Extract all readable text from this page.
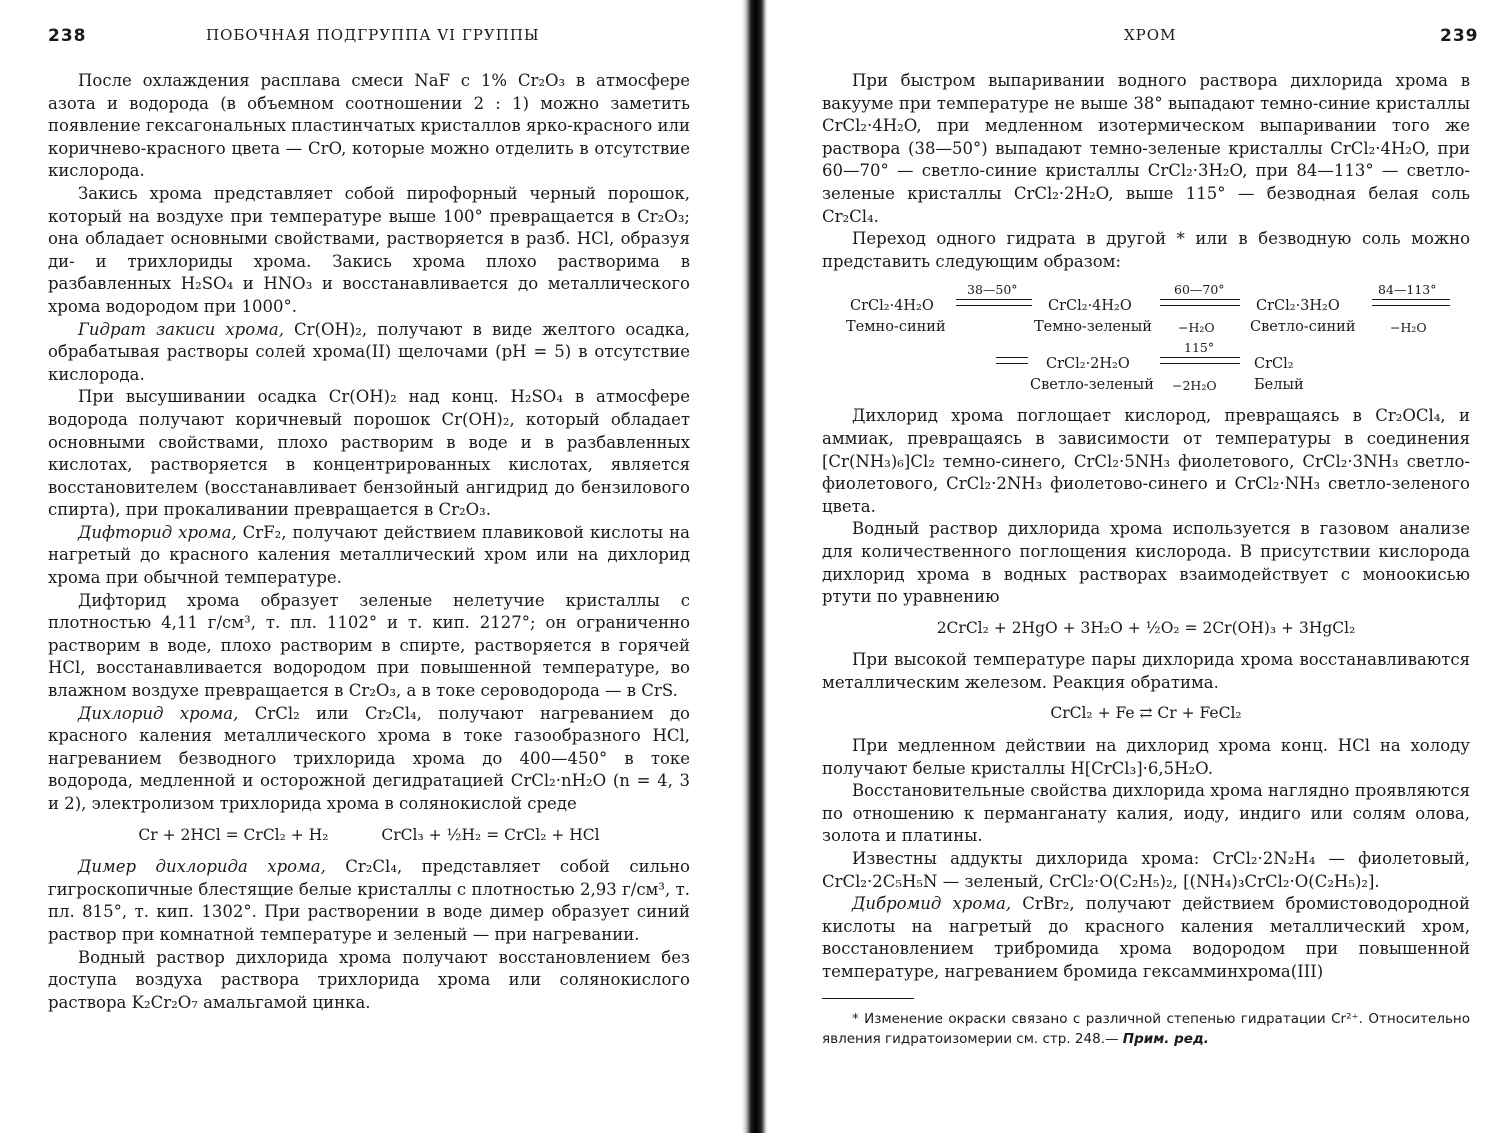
238	ПОБОЧНАЯ ПОДГРУППА VI ГРУППЫ

После охлаждения расплава смеси NaF с 1% Cr₂O₃ в атмосфере азота и водорода (в объемном соотношении 2 : 1) можно заметить появление гексагональных пластинчатых кристаллов ярко-красного или коричнево-красного цвета — CrO, которые можно отделить в отсутствие кислорода.

Закись хрома представляет собой пирофорный черный порошок, который на воздухе при температуре выше 100° превращается в Cr₂O₃; она обладает основными свойствами, растворяется в разб. HCl, образуя ди- и трихлориды хрома. Закись хрома плохо растворима в разбавленных H₂SO₄ и HNO₃ и восстанавливается до металлического хрома водородом при 1000°.

Гидрат закиси хрома, Cr(OH)₂, получают в виде желтого осадка, обрабатывая растворы солей хрома(II) щелочами (pH = 5) в отсутствие кислорода.

При высушивании осадка Cr(OH)₂ над конц. H₂SO₄ в атмосфере водорода получают коричневый порошок Cr(OH)₂, который обладает основными свойствами, плохо растворим в воде и в разбавленных кислотах, растворяется в концентрированных кислотах, является восстановителем (восстанавливает бензойный ангидрид до бензилового спирта), при прокаливании превращается в Cr₂O₃.

Дифторид хрома, CrF₂, получают действием плавиковой кислоты на нагретый до красного каления металлический хром или на дихлорид хрома при обычной температуре.

Дифторид хрома образует зеленые нелетучие кристаллы с плотностью 4,11 г/см³, т. пл. 1102° и т. кип. 2127°; он ограниченно растворим в воде, плохо растворим в спирте, растворяется в горячей HCl, восстанавливается водородом при повышенной температуре, во влажном воздухе превращается в Cr₂O₃, а в токе сероводорода — в CrS.

Дихлорид хрома, CrCl₂ или Cr₂Cl₄, получают нагреванием до красного каления металлического хрома в токе газообразного HCl, нагреванием безводного трихлорида хрома до 400—450° в токе водорода, медленной и осторожной дегидратацией CrCl₂·nH₂O (n = 4, 3 и 2), электролизом трихлорида хрома в солянокислой среде

Cr + 2HCl = CrCl₂ + H₂	CrCl₃ + ½H₂ = CrCl₂ + HCl

Димер дихлорида хрома, Cr₂Cl₄, представляет собой сильно гигроскопичные блестящие белые кристаллы с плотностью 2,93 г/см³, т. пл. 815°, т. кип. 1302°. При растворении в воде димер образует синий раствор при комнатной температуре и зеленый — при нагревании.

Водный раствор дихлорида хрома получают восстановлением без доступа воздуха раствора трихлорида хрома или солянокислого раствора K₂Cr₂O₇ амальгамой цинка.

ХРОМ	239

При быстром выпаривании водного раствора дихлорида хрома в вакууме при температуре не выше 38° выпадают темно-синие кристаллы CrCl₂·4H₂O, при медленном изотермическом выпаривании того же раствора (38—50°) выпадают темно-зеленые кристаллы CrCl₂·4H₂O, при 60—70° — светло-синие кристаллы CrCl₂·3H₂O, при 84—113° — светло-зеленые кристаллы CrCl₂·2H₂O, выше 115° — безводная белая соль Cr₂Cl₄.

Переход одного гидрата в другой * или в безводную соль можно представить следующим образом:

CrCl₂·4H₂O
Темно-синий
38—50°
CrCl₂·4H₂O
Темно-зеленый
60—70°
−H₂O
CrCl₂·3H₂O
Светло-синий
84—113°
−H₂O
CrCl₂·2H₂O
Светло-зеленый
115°
−2H₂O
CrCl₂
Белый

Дихлорид хрома поглощает кислород, превращаясь в Cr₂OCl₄, и аммиак, превращаясь в зависимости от температуры в соединения [Cr(NH₃)₆]Cl₂ темно-синего, CrCl₂·5NH₃ фиолетового, CrCl₂·3NH₃ светло-фиолетового, CrCl₂·2NH₃ фиолетово-синего и CrCl₂·NH₃ светло-зеленого цвета.

Водный раствор дихлорида хрома используется в газовом анализе для количественного поглощения кислорода. В присутствии кислорода дихлорид хрома в водных растворах взаимодействует с моноокисью ртути по уравнению

2CrCl₂ + 2HgO + 3H₂O + ½O₂ = 2Cr(OH)₃ + 3HgCl₂

При высокой температуре пары дихлорида хрома восстанавливаются металлическим железом. Реакция обратима.

CrCl₂ + Fe ⇄ Cr + FeCl₂

При медленном действии на дихлорид хрома конц. HCl на холоду получают белые кристаллы H[CrCl₃]·6,5H₂O.

Восстановительные свойства дихлорида хрома наглядно проявляются по отношению к перманганату калия, иоду, индиго или солям олова, золота и платины.

Известны аддукты дихлорида хрома: CrCl₂·2N₂H₄ — фиолетовый, CrCl₂·2C₅H₅N — зеленый, CrCl₂·O(C₂H₅)₂, [(NH₄)₃CrCl₂·O(C₂H₅)₂].

Дибромид хрома, CrBr₂, получают действием бромистоводородной кислоты на нагретый до красного каления металлический хром, восстановлением трибромида хрома водородом при повышенной температуре, нагреванием бромида гексамминхрома(III)

* Изменение окраски связано с различной степенью гидратации Cr²⁺. Относительно явления гидратоизомерии см. стр. 248.— Прим. ред.
